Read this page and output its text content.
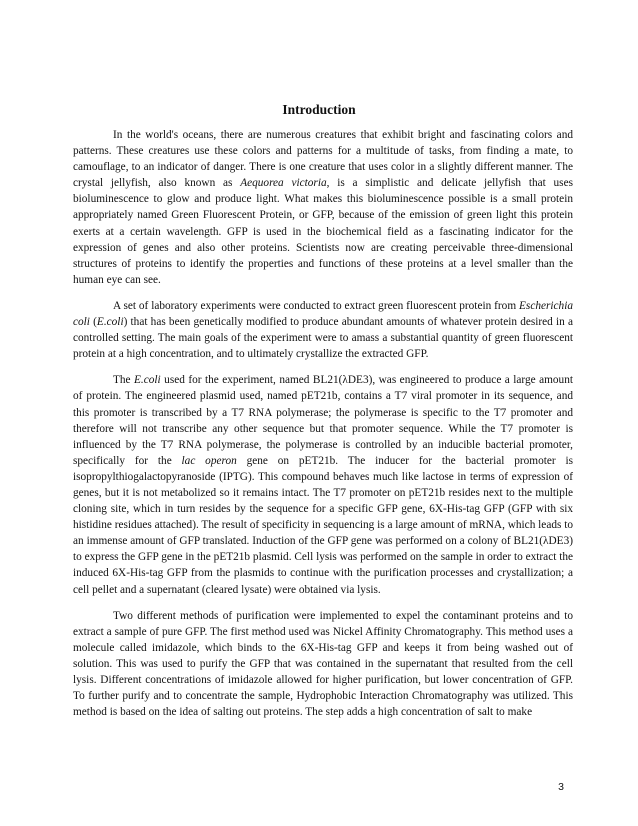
Introduction

In the world's oceans, there are numerous creatures that exhibit bright and fascinating colors and patterns. These creatures use these colors and patterns for a multitude of tasks, from finding a mate, to camouflage, to an indicator of danger. There is one creature that uses color in a slightly different manner. The crystal jellyfish, also known as Aequorea victoria, is a simplistic and delicate jellyfish that uses bioluminescence to glow and produce light. What makes this bioluminescence possible is a small protein appropriately named Green Fluorescent Protein, or GFP, because of the emission of green light this protein exerts at a certain wavelength. GFP is used in the biochemical field as a fascinating indicator for the expression of genes and also other proteins. Scientists now are creating perceivable three-dimensional structures of proteins to identify the properties and functions of these proteins at a level smaller than the human eye can see.

A set of laboratory experiments were conducted to extract green fluorescent protein from Escherichia coli (E.coli) that has been genetically modified to produce abundant amounts of whatever protein desired in a controlled setting. The main goals of the experiment were to amass a substantial quantity of green fluorescent protein at a high concentration, and to ultimately crystallize the extracted GFP.

The E.coli used for the experiment, named BL21(λDE3), was engineered to produce a large amount of protein. The engineered plasmid used, named pET21b, contains a T7 viral promoter in its sequence, and this promoter is transcribed by a T7 RNA polymerase; the polymerase is specific to the T7 promoter and therefore will not transcribe any other sequence but that promoter sequence. While the T7 promoter is influenced by the T7 RNA polymerase, the polymerase is controlled by an inducible bacterial promoter, specifically for the lac operon gene on pET21b. The inducer for the bacterial promoter is isopropylthiogalactopyranoside (IPTG). This compound behaves much like lactose in terms of expression of genes, but it is not metabolized so it remains intact. The T7 promoter on pET21b resides next to the multiple cloning site, which in turn resides by the sequence for a specific GFP gene, 6X-His-tag GFP (GFP with six histidine residues attached). The result of specificity in sequencing is a large amount of mRNA, which leads to an immense amount of GFP translated. Induction of the GFP gene was performed on a colony of BL21(λDE3) to express the GFP gene in the pET21b plasmid. Cell lysis was performed on the sample in order to extract the induced 6X-His-tag GFP from the plasmids to continue with the purification processes and crystallization; a cell pellet and a supernatant (cleared lysate) were obtained via lysis.

Two different methods of purification were implemented to expel the contaminant proteins and to extract a sample of pure GFP. The first method used was Nickel Affinity Chromatography. This method uses a molecule called imidazole, which binds to the 6X-His-tag GFP and keeps it from being washed out of solution. This was used to purify the GFP that was contained in the supernatant that resulted from the cell lysis. Different concentrations of imidazole allowed for higher purification, but lower concentration of GFP. To further purify and to concentrate the sample, Hydrophobic Interaction Chromatography was utilized. This method is based on the idea of salting out proteins. The step adds a high concentration of salt to make

3
